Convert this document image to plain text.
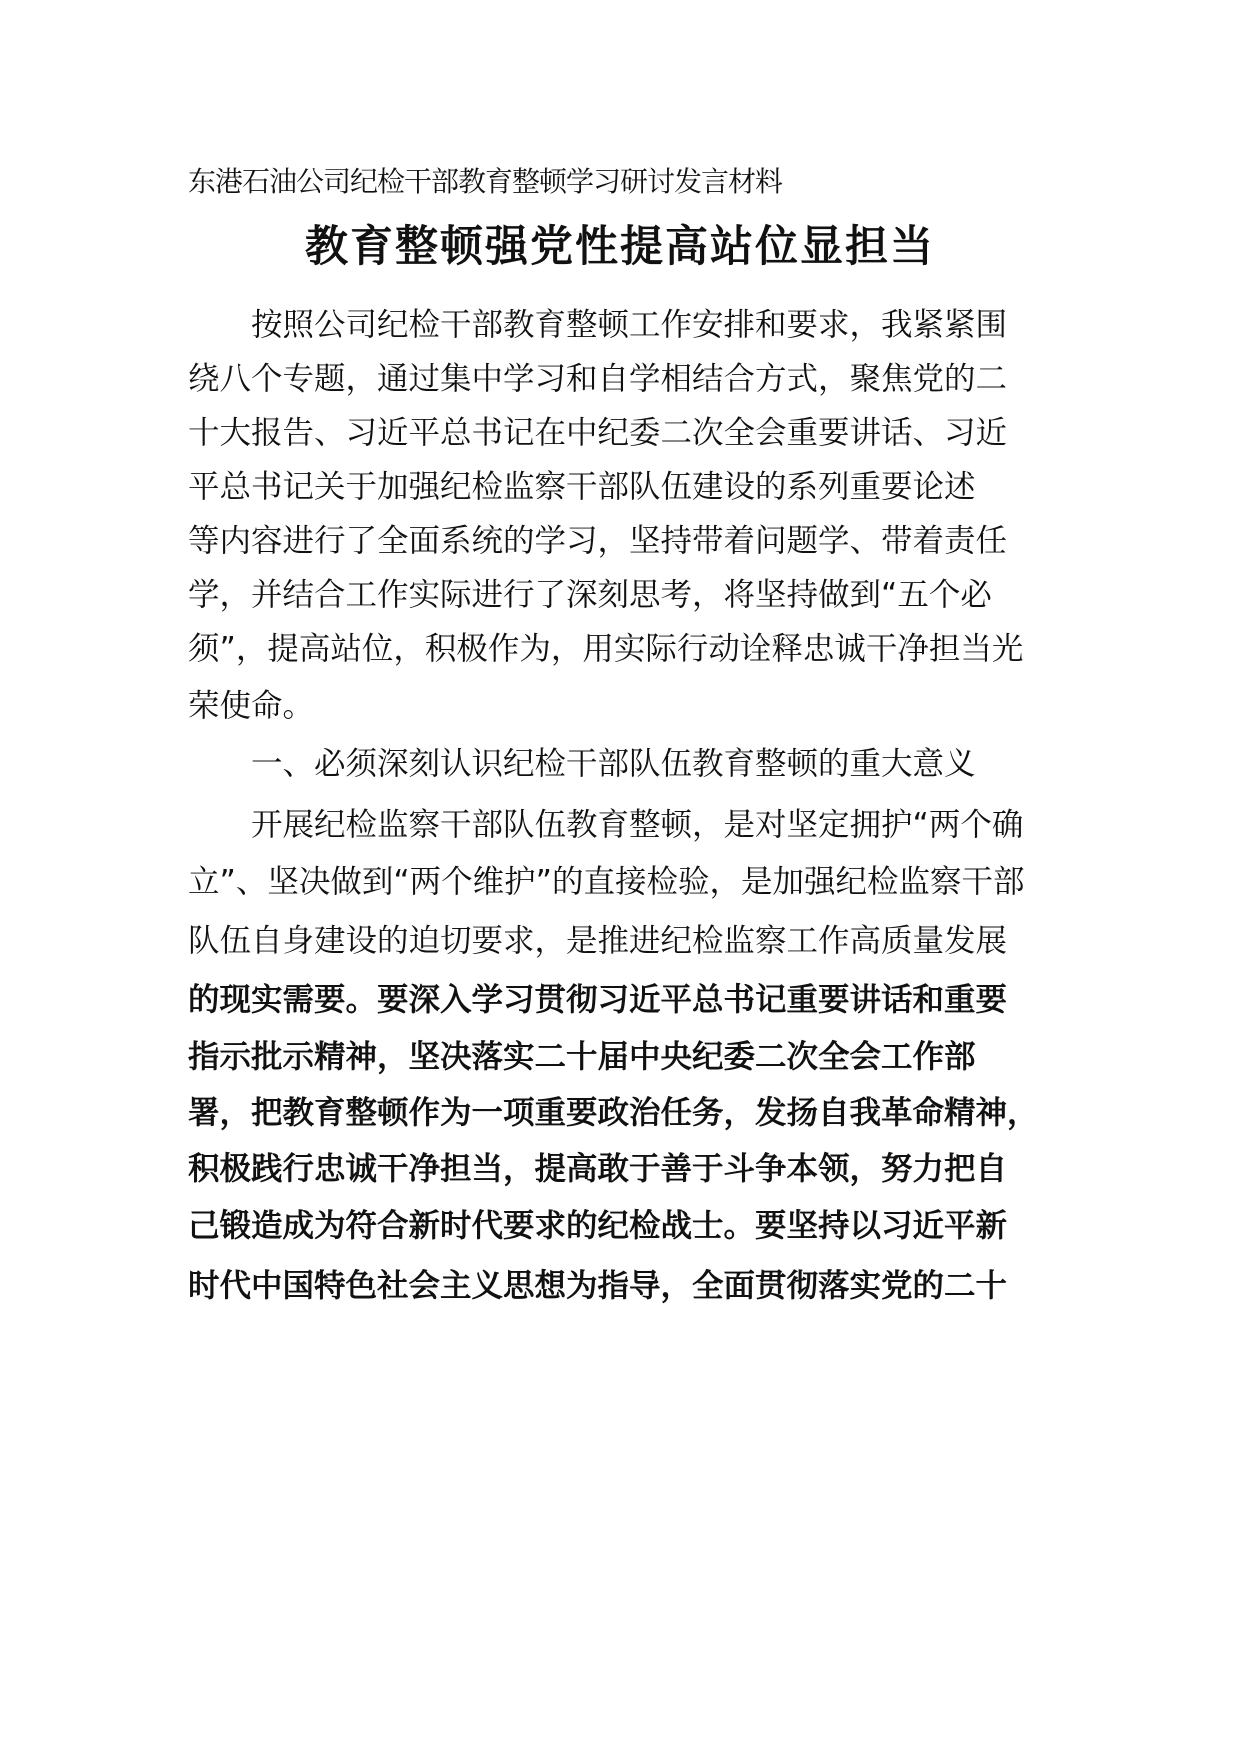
东港石油公司纪检干部教育整顿学习研讨发言材料
教育整顿强党性提高站位显担当
　　按照公司纪检干部教育整顿工作安排和要求，我紧紧围
绕八个专题，通过集中学习和自学相结合方式，聚焦党的二
十大报告、习近平总书记在中纪委二次全会重要讲话、习近
平总书记关于加强纪检监察干部队伍建设的系列重要论述
等内容进行了全面系统的学习，坚持带着问题学、带着责任
学，并结合工作实际进行了深刻思考，将坚持做到“五个必
须”，提高站位，积极作为，用实际行动诠释忠诚干净担当光
荣使命。
　　一、必须深刻认识纪检干部队伍教育整顿的重大意义
　　开展纪检监察干部队伍教育整顿，是对坚定拥护“两个确
立”、坚决做到“两个维护”的直接检验，是加强纪检监察干部
队伍自身建设的迫切要求，是推进纪检监察工作高质量发展
的现实需要。要深入学习贯彻习近平总书记重要讲话和重要
指示批示精神，坚决落实二十届中央纪委二次全会工作部
署，把教育整顿作为一项重要政治任务，发扬自我革命精神，
积极践行忠诚干净担当，提高敢于善于斗争本领，努力把自
己锻造成为符合新时代要求的纪检战士。要坚持以习近平新
时代中国特色社会主义思想为指导，全面贯彻落实党的二十
